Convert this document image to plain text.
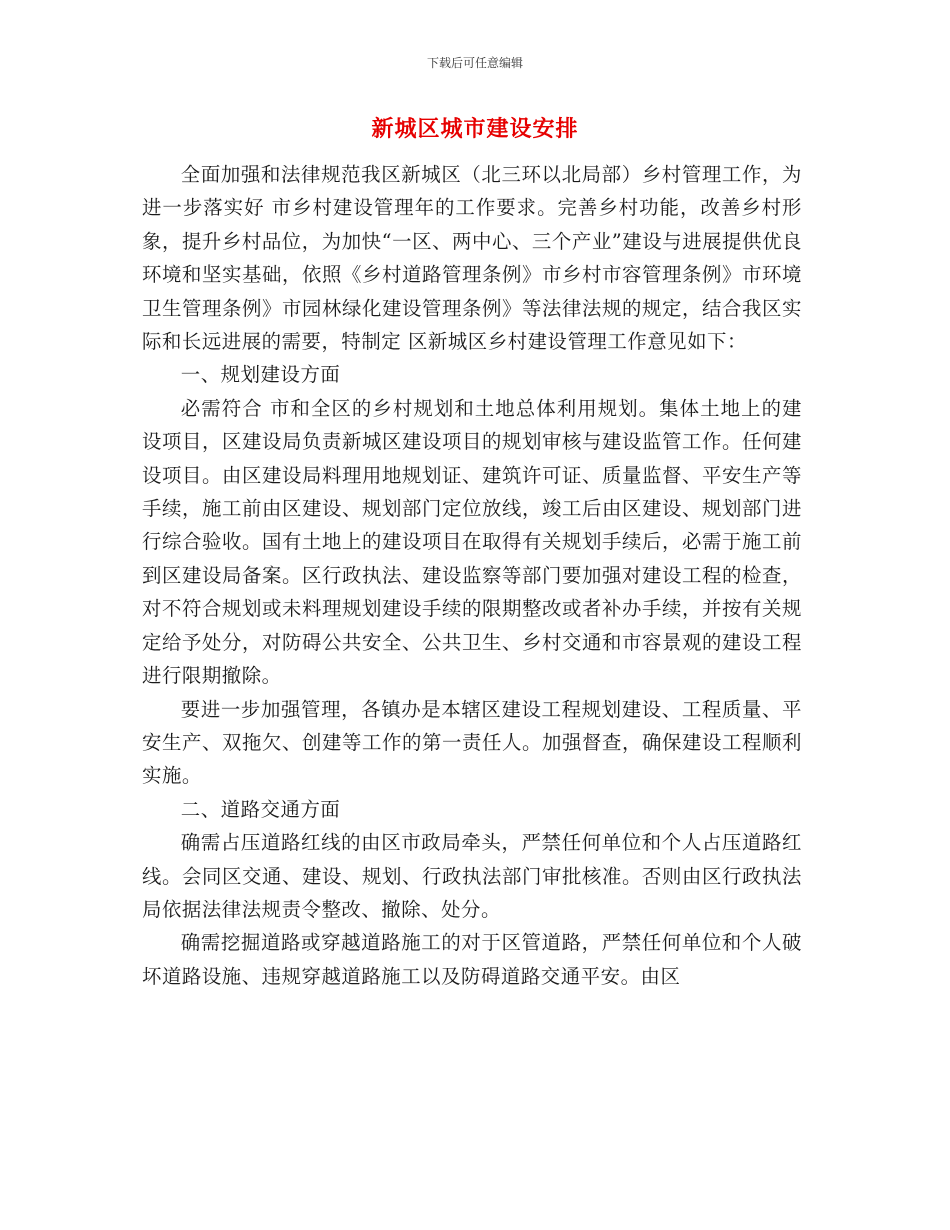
下载后可任意编辑
新城区城市建设安排

全面加强和法律规范我区新城区（北三环以北局部）乡村管理工作，为进一步落实好 市乡村建设管理年的工作要求。完善乡村功能，改善乡村形象，提升乡村品位，为加快“一区、两中心、三个产业”建设与进展提供优良环境和坚实基础，依照《乡村道路管理条例》市乡村市容管理条例》市环境卫生管理条例》市园林绿化建设管理条例》等法律法规的规定，结合我区实际和长远进展的需要，特制定 区新城区乡村建设管理工作意见如下：

一、规划建设方面

必需符合 市和全区的乡村规划和土地总体利用规划。集体土地上的建设项目，区建设局负责新城区建设项目的规划审核与建设监管工作。任何建设项目。由区建设局料理用地规划证、建筑许可证、质量监督、平安生产等手续，施工前由区建设、规划部门定位放线，竣工后由区建设、规划部门进行综合验收。国有土地上的建设项目在取得有关规划手续后，必需于施工前到区建设局备案。区行政执法、建设监察等部门要加强对建设工程的检查，对不符合规划或未料理规划建设手续的限期整改或者补办手续，并按有关规定给予处分，对防碍公共安全、公共卫生、乡村交通和市容景观的建设工程进行限期撤除。

要进一步加强管理，各镇办是本辖区建设工程规划建设、工程质量、平安生产、双拖欠、创建等工作的第一责任人。加强督查，确保建设工程顺利实施。

二、道路交通方面

确需占压道路红线的由区市政局牵头，严禁任何单位和个人占压道路红线。会同区交通、建设、规划、行政执法部门审批核准。否则由区行政执法局依据法律法规责令整改、撤除、处分。

确需挖掘道路或穿越道路施工的对于区管道路，严禁任何单位和个人破坏道路设施、违规穿越道路施工以及防碍道路交通平安。由区
